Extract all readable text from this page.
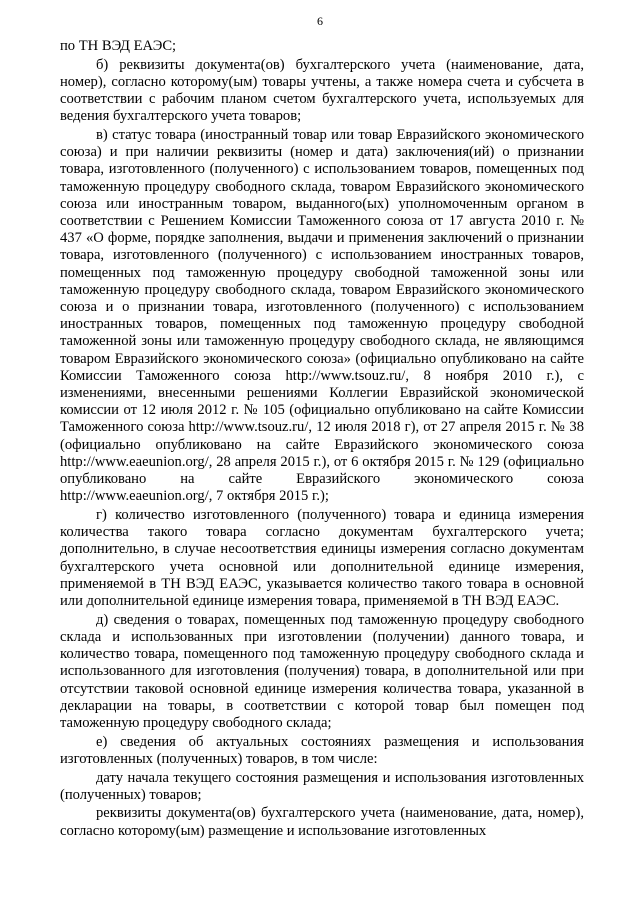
6

по ТН ВЭД ЕАЭС;

б) реквизиты документа(ов) бухгалтерского учета (наименование, дата, номер), согласно которому(ым) товары учтены, а также номера счета и субсчета в соответствии с рабочим планом счетом бухгалтерского учета, используемых для ведения бухгалтерского учета товаров;

в) статус товара (иностранный товар или товар Евразийского экономического союза) и при наличии реквизиты (номер и дата) заключения(ий) о признании товара, изготовленного (полученного) с использованием товаров, помещенных под таможенную процедуру свободного склада, товаром Евразийского экономического союза или иностранным товаром, выданного(ых) уполномоченным органом в соответствии с Решением Комиссии Таможенного союза от 17 августа 2010 г. № 437 «О форме, порядке заполнения, выдачи и применения заключений о признании товара, изготовленного (полученного) с использованием иностранных товаров, помещенных под таможенную процедуру свободной таможенной зоны или таможенную процедуру свободного склада, товаром Евразийского экономического союза и о признании товара, изготовленного (полученного) с использованием иностранных товаров, помещенных под таможенную процедуру свободной таможенной зоны или таможенную процедуру свободного склада, не являющимся товаром Евразийского экономического союза» (официально опубликовано на сайте Комиссии Таможенного союза http://www.tsouz.ru/, 8 ноября 2010 г.), с изменениями, внесенными решениями Коллегии Евразийской экономической комиссии от 12 июля 2012 г. № 105 (официально опубликовано на сайте Комиссии Таможенного союза http://www.tsouz.ru/, 12 июля 2018 г), от 27 апреля 2015 г. № 38 (официально опубликовано на сайте Евразийского экономического союза http://www.eaeunion.org/, 28 апреля 2015 г.), от 6 октября 2015 г. № 129 (официально опубликовано на сайте Евразийского экономического союза http://www.eaeunion.org/, 7 октября 2015 г.);

г) количество изготовленного (полученного) товара и единица измерения количества такого товара согласно документам бухгалтерского учета; дополнительно, в случае несоответствия единицы измерения согласно документам бухгалтерского учета основной или дополнительной единице измерения, применяемой в ТН ВЭД ЕАЭС, указывается количество такого товара в основной или дополнительной единице измерения товара, применяемой в ТН ВЭД ЕАЭС.

д) сведения о товарах, помещенных под таможенную процедуру свободного склада и использованных при изготовлении (получении) данного товара, и количество товара, помещенного под таможенную процедуру свободного склада и использованного для изготовления (получения) товара, в дополнительной или при отсутствии таковой основной единице измерения количества товара, указанной в декларации на товары, в соответствии с которой товар был помещен под таможенную процедуру свободного склада;

е) сведения об актуальных состояниях размещения и использования изготовленных (полученных) товаров, в том числе:

дату начала текущего состояния размещения и использования изготовленных (полученных) товаров;

реквизиты документа(ов) бухгалтерского учета (наименование, дата, номер), согласно которому(ым) размещение и использование изготовленных
